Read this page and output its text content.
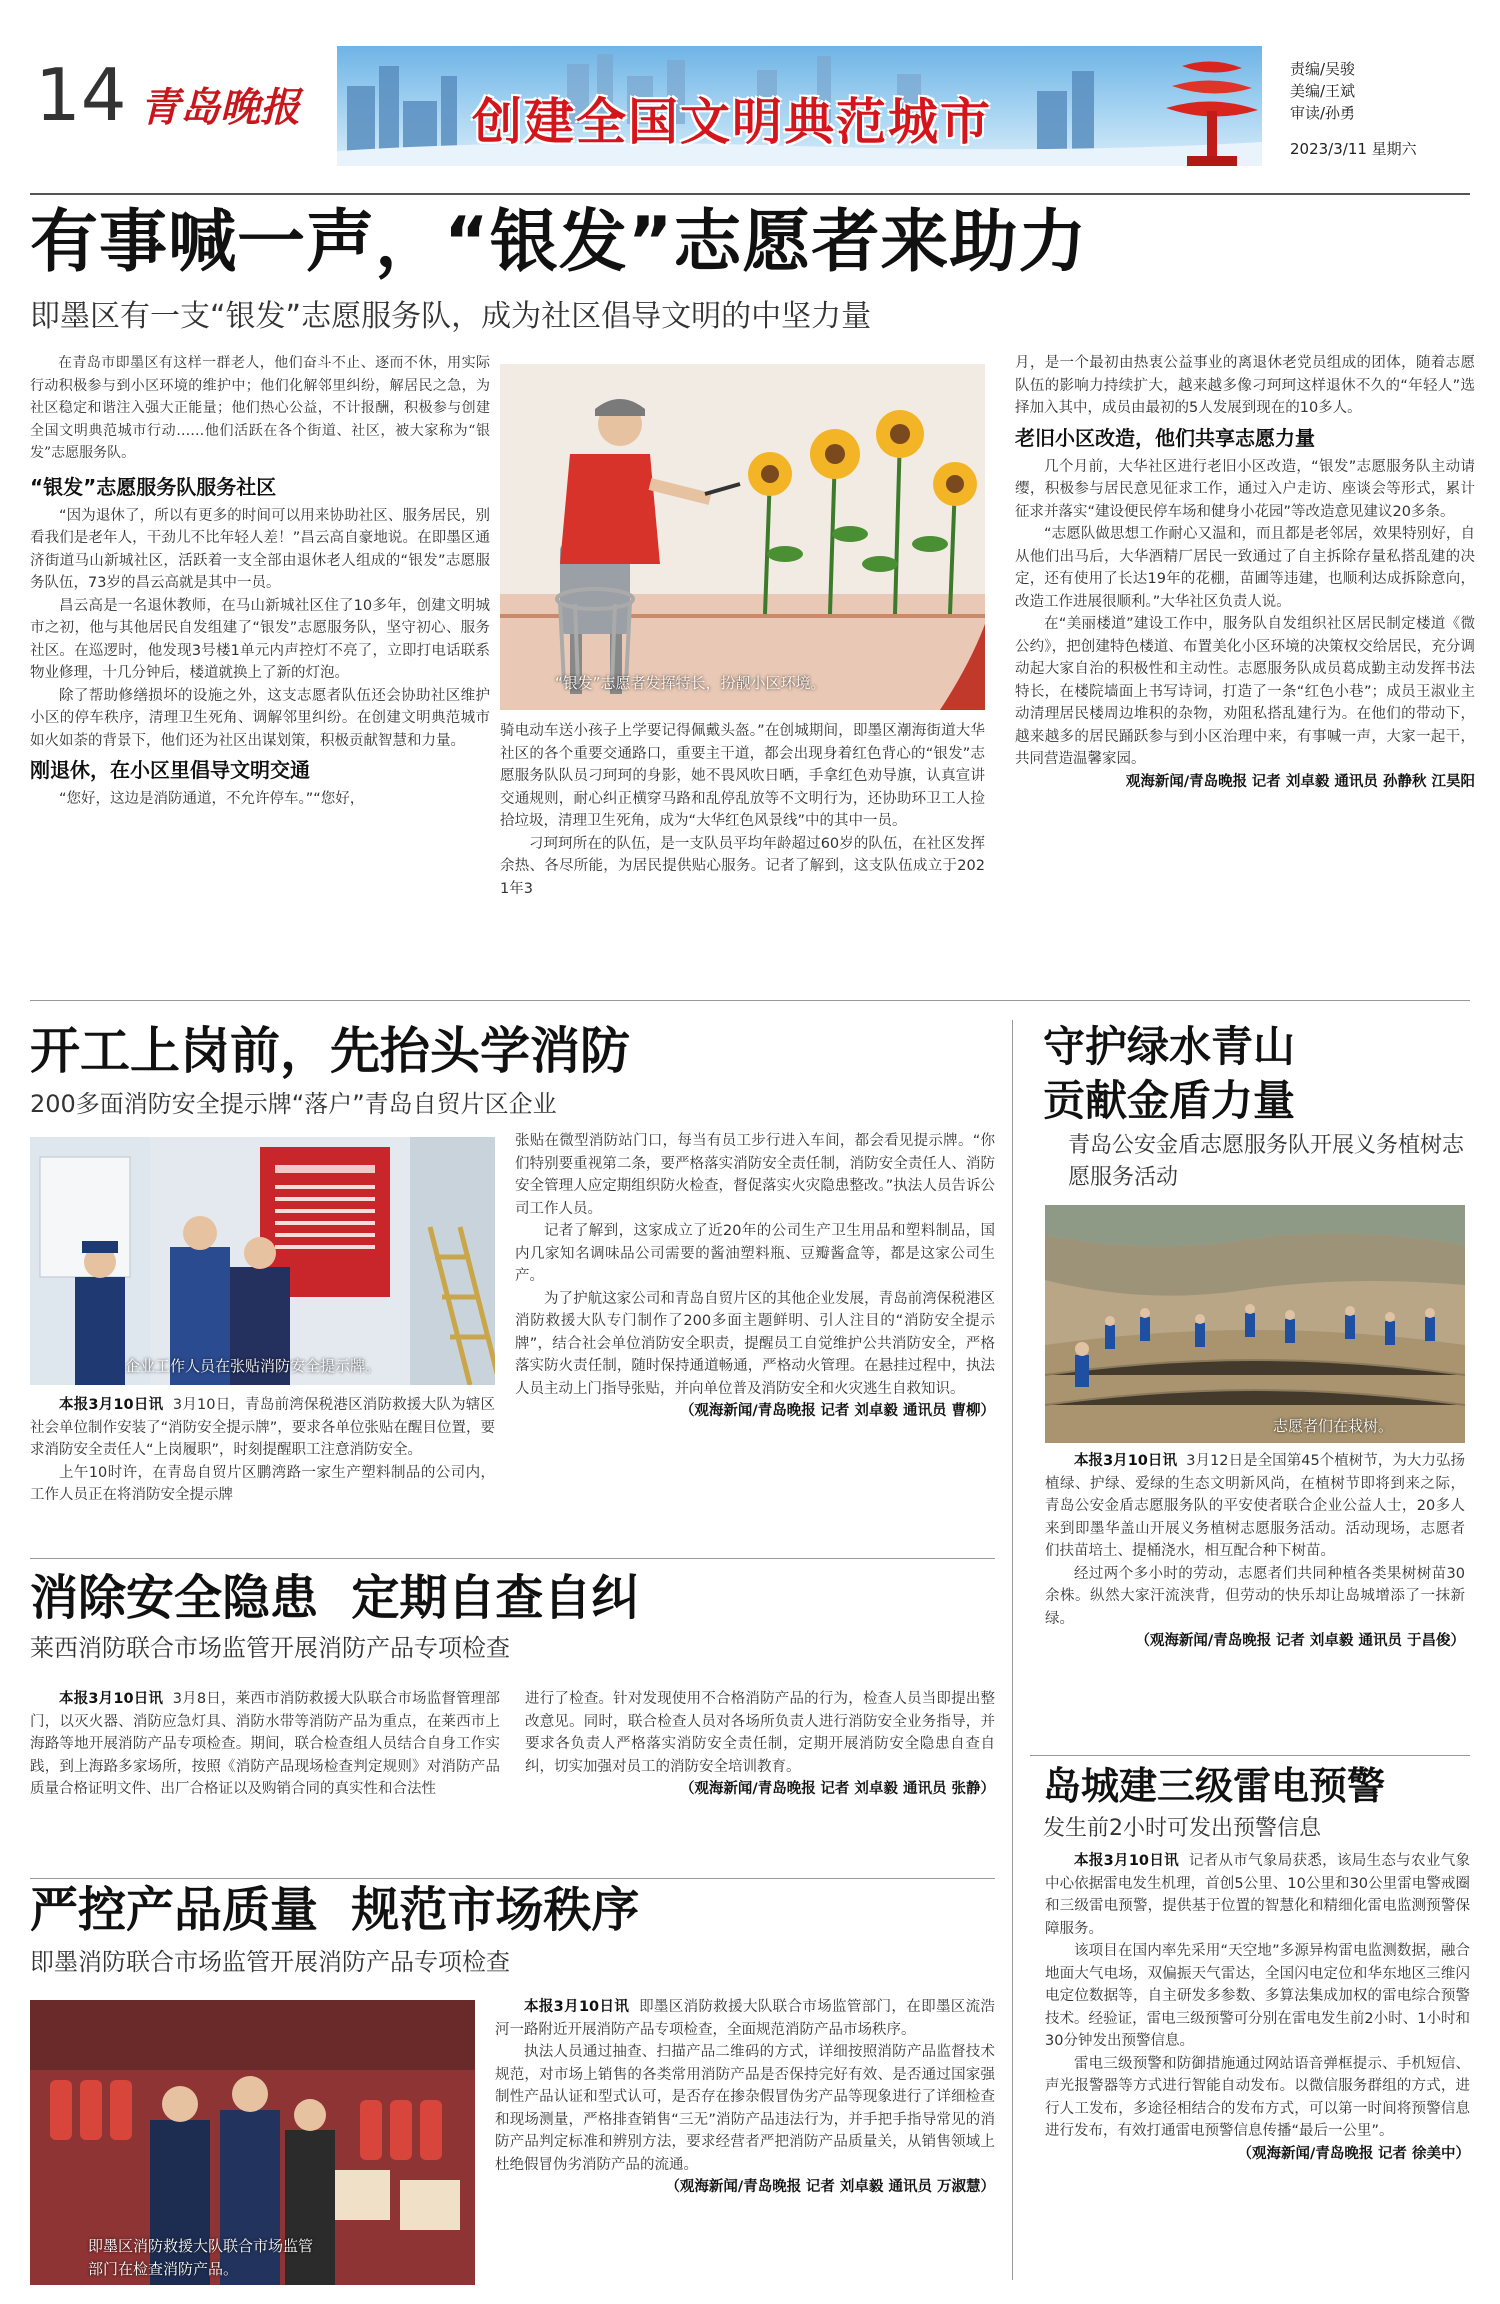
14 青岛晚报	创建全国文明典范城市
责编/吴骏
美编/王斌
审读/孙勇
2023/3/11 星期六
有事喊一声，“银发”志愿者来助力
即墨区有一支“银发”志愿服务队，成为社区倡导文明的中坚力量

在青岛市即墨区有这样一群老人，他们奋斗不止、逐而不休，用实际行动积极参与到小区环境的维护中；他们化解邻里纠纷，解居民之急，为社区稳定和谐注入强大正能量；他们热心公益，不计报酬，积极参与创建全国文明典范城市行动……他们活跃在各个街道、社区，被大家称为“银发”志愿服务队。

“银发”志愿服务队服务社区

“因为退休了，所以有更多的时间可以用来协助社区、服务居民，别看我们是老年人，干劲儿不比年轻人差！”昌云高自豪地说。在即墨区通济街道马山新城社区，活跃着一支全部由退休老人组成的“银发”志愿服务队伍，73岁的昌云高就是其中一员。

昌云高是一名退休教师，在马山新城社区住了10多年，创建文明城市之初，他与其他居民自发组建了“银发”志愿服务队，坚守初心、服务社区。在巡逻时，他发现3号楼1单元内声控灯不亮了，立即打电话联系物业修理，十几分钟后，楼道就换上了新的灯泡。

除了帮助修缮损坏的设施之外，这支志愿者队伍还会协助社区维护小区的停车秩序，清理卫生死角、调解邻里纠纷。在创建文明典范城市如火如荼的背景下，他们还为社区出谋划策，积极贡献智慧和力量。

刚退休，在小区里倡导文明交通

“您好，这边是消防通道，不允许停车。”“您好，

“银发”志愿者发挥特长，扮靓小区环境。

骑电动车送小孩子上学要记得佩戴头盔。”在创城期间，即墨区潮海街道大华社区的各个重要交通路口，重要主干道，都会出现身着红色背心的“银发”志愿服务队队员刁珂珂的身影，她不畏风吹日晒，手拿红色劝导旗，认真宣讲交通规则，耐心纠正横穿马路和乱停乱放等不文明行为，还协助环卫工人捡拾垃圾，清理卫生死角，成为“大华红色风景线”中的其中一员。

刁珂珂所在的队伍，是一支队员平均年龄超过60岁的队伍，在社区发挥余热、各尽所能，为居民提供贴心服务。记者了解到，这支队伍成立于2021年3

月，是一个最初由热衷公益事业的离退休老党员组成的团体，随着志愿队伍的影响力持续扩大，越来越多像刁珂珂这样退休不久的“年轻人”选择加入其中，成员由最初的5人发展到现在的10多人。

老旧小区改造，他们共享志愿力量

几个月前，大华社区进行老旧小区改造，“银发”志愿服务队主动请缨，积极参与居民意见征求工作，通过入户走访、座谈会等形式，累计征求并落实“建设便民停车场和健身小花园”等改造意见建议20多条。

“志愿队做思想工作耐心又温和，而且都是老邻居，效果特别好，自从他们出马后，大华酒精厂居民一致通过了自主拆除存量私搭乱建的决定，还有使用了长达19年的花棚，苗圃等违建，也顺利达成拆除意向，改造工作进展很顺利。”大华社区负责人说。

在“美丽楼道”建设工作中，服务队自发组织社区居民制定楼道《微公约》，把创建特色楼道、布置美化小区环境的决策权交给居民，充分调动起大家自治的积极性和主动性。志愿服务队成员葛成勤主动发挥书法特长，在楼院墙面上书写诗词，打造了一条“红色小巷”；成员王淑业主动清理居民楼周边堆积的杂物，劝阻私搭乱建行为。在他们的带动下，越来越多的居民踊跃参与到小区治理中来，有事喊一声，大家一起干，共同营造温馨家园。

观海新闻/青岛晚报 记者 刘卓毅 通讯员 孙静秋 江昊阳

开工上岗前，先抬头学消防
200多面消防安全提示牌“落户”青岛自贸片区企业
企业工作人员在张贴消防安全提示牌。

本报3月10日讯 3月10日，青岛前湾保税港区消防救援大队为辖区社会单位制作安装了“消防安全提示牌”，要求各单位张贴在醒目位置，要求消防安全责任人“上岗履职”，时刻提醒职工注意消防安全。

上午10时许，在青岛自贸片区鹏湾路一家生产塑料制品的公司内，工作人员正在将消防安全提示牌

张贴在微型消防站门口，每当有员工步行进入车间，都会看见提示牌。“你们特别要重视第二条，要严格落实消防安全责任制，消防安全责任人、消防安全管理人应定期组织防火检查，督促落实火灾隐患整改。”执法人员告诉公司工作人员。

记者了解到，这家成立了近20年的公司生产卫生用品和塑料制品，国内几家知名调味品公司需要的酱油塑料瓶、豆瓣酱盒等，都是这家公司生产。

为了护航这家公司和青岛自贸片区的其他企业发展，青岛前湾保税港区消防救援大队专门制作了200多面主题鲜明、引人注目的“消防安全提示牌”，结合社会单位消防安全职责，提醒员工自觉维护公共消防安全，严格落实防火责任制，随时保持通道畅通，严格动火管理。在悬挂过程中，执法人员主动上门指导张贴，并向单位普及消防安全和火灾逃生自救知识。

（观海新闻/青岛晚报 记者 刘卓毅 通讯员 曹柳）

守护绿水青山
贡献金盾力量
青岛公安金盾志愿服务队开展义务植树志愿服务活动
志愿者们在栽树。

本报3月10日讯 3月12日是全国第45个植树节，为大力弘扬植绿、护绿、爱绿的生态文明新风尚，在植树节即将到来之际，青岛公安金盾志愿服务队的平安使者联合企业公益人士，20多人来到即墨华盖山开展义务植树志愿服务活动。活动现场，志愿者们扶苗培土、提桶浇水，相互配合种下树苗。

经过两个多小时的劳动，志愿者们共同种植各类果树树苗30余株。纵然大家汗流浃背，但劳动的快乐却让岛城增添了一抹新绿。

（观海新闻/青岛晚报 记者 刘卓毅 通讯员 于昌俊）

消除安全隐患  定期自查自纠
莱西消防联合市场监管开展消防产品专项检查

本报3月10日讯 3月8日，莱西市消防救援大队联合市场监督管理部门，以灭火器、消防应急灯具、消防水带等消防产品为重点，在莱西市上海路等地开展消防产品专项检查。期间，联合检查组人员结合自身工作实践，到上海路多家场所，按照《消防产品现场检查判定规则》对消防产品质量合格证明文件、出厂合格证以及购销合同的真实性和合法性

进行了检查。针对发现使用不合格消防产品的行为，检查人员当即提出整改意见。同时，联合检查人员对各场所负责人进行消防安全业务指导，并要求各负责人严格落实消防安全责任制，定期开展消防安全隐患自查自纠，切实加强对员工的消防安全培训教育。

（观海新闻/青岛晚报 记者 刘卓毅 通讯员 张静）

严控产品质量  规范市场秩序
即墨消防联合市场监管开展消防产品专项检查
即墨区消防救援大队联合市场监管
部门在检查消防产品。

本报3月10日讯 即墨区消防救援大队联合市场监管部门，在即墨区流浩河一路附近开展消防产品专项检查，全面规范消防产品市场秩序。

执法人员通过抽查、扫描产品二维码的方式，详细按照消防产品监督技术规范，对市场上销售的各类常用消防产品是否保持完好有效、是否通过国家强制性产品认证和型式认可，是否存在掺杂假冒伪劣产品等现象进行了详细检查和现场测量，严格排查销售“三无”消防产品违法行为，并手把手指导常见的消防产品判定标准和辨别方法，要求经营者严把消防产品质量关，从销售领域上杜绝假冒伪劣消防产品的流通。

（观海新闻/青岛晚报 记者 刘卓毅 通讯员 万淑慧）

岛城建三级雷电预警
发生前2小时可发出预警信息

本报3月10日讯 记者从市气象局获悉，该局生态与农业气象中心依据雷电发生机理，首创5公里、10公里和30公里雷电警戒圈和三级雷电预警，提供基于位置的智慧化和精细化雷电监测预警保障服务。

该项目在国内率先采用“天空地”多源异构雷电监测数据，融合地面大气电场，双偏振天气雷达，全国闪电定位和华东地区三维闪电定位数据等，自主研发多参数、多算法集成加权的雷电综合预警技术。经验证，雷电三级预警可分别在雷电发生前2小时、1小时和30分钟发出预警信息。

雷电三级预警和防御措施通过网站语音弹框提示、手机短信、声光报警器等方式进行智能自动发布。以微信服务群组的方式，进行人工发布，多途径相结合的发布方式，可以第一时间将预警信息进行发布，有效打通雷电预警信息传播“最后一公里”。

（观海新闻/青岛晚报 记者 徐美中）
